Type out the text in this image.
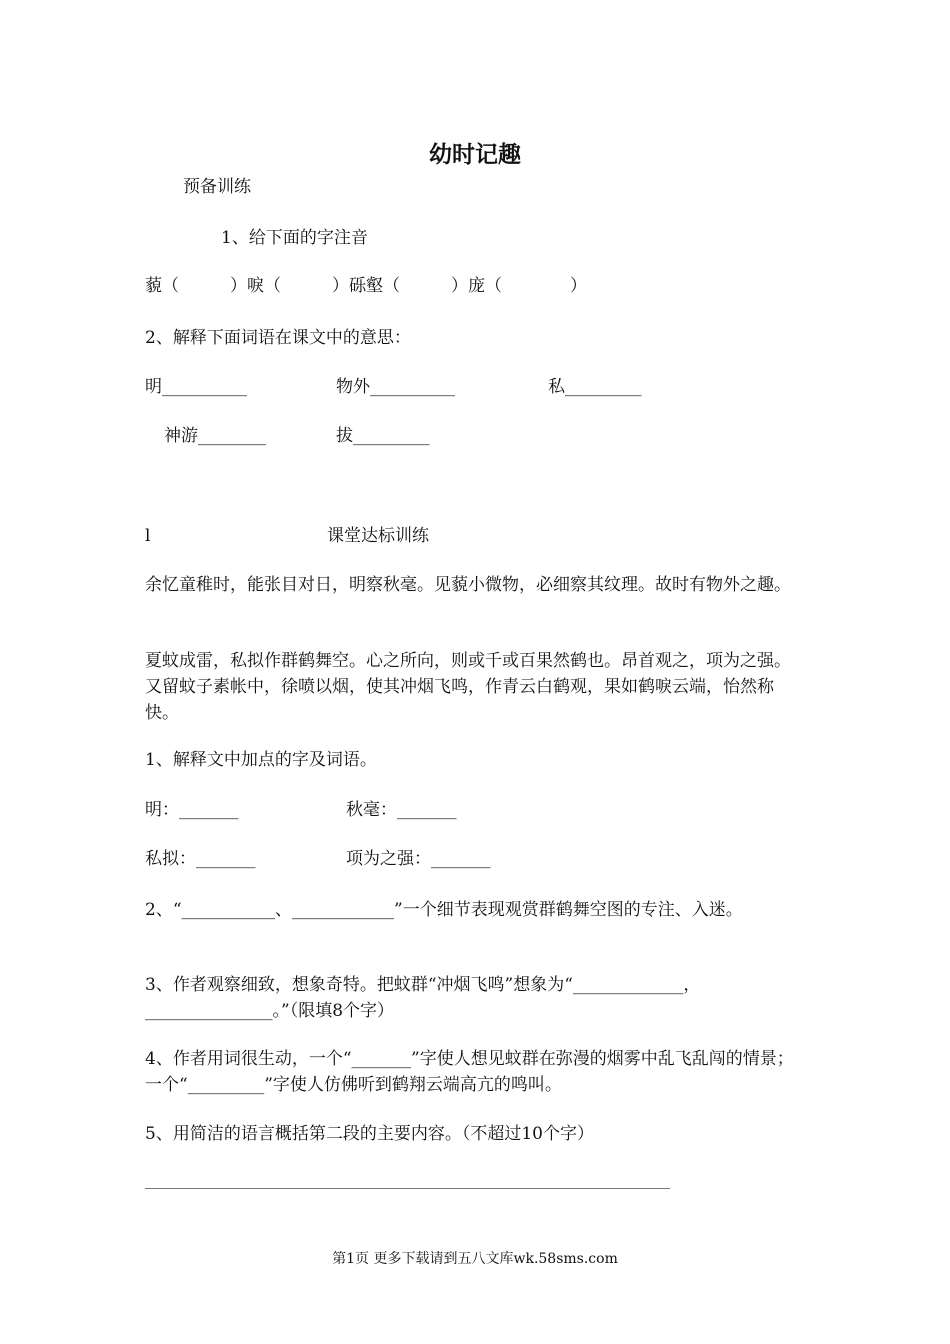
幼时记趣
预备训练
1、给下面的字注音
藐（　　　）唳（　　　）砾壑（　　　）庞（　　　　）
2、解释下面词语在课文中的意思：
明__________	物外__________	私_________
神游________	拔_________
l	课堂达标训练
余忆童稚时，能张目对日，明察秋毫。见藐小微物，必细察其纹理。故时有物外之趣。
夏蚊成雷，私拟作群鹤舞空。心之所向，则或千或百果然鹤也。昂首观之，项为之强。又留蚊子素帐中，徐喷以烟，使其冲烟飞鸣，作青云白鹤观，果如鹤唳云端，怡然称快。
1、解释文中加点的字及词语。
明：_______	秋毫：_______
私拟：_______	项为之强：_______
2、“___________、____________”一个细节表现观赏群鹤舞空图的专注、入迷。
3、作者观察细致，想象奇特。把蚊群“冲烟飞鸣”想象为“_____________，_______________。”（限填8个字）
4、作者用词很生动，一个“_______”字使人想见蚊群在弥漫的烟雾中乱飞乱闯的情景；一个“_________”字使人仿佛听到鹤翔云端高亢的鸣叫。
5、用简洁的语言概括第二段的主要内容。（不超过10个字）
第1页 更多下载请到五八文库wk.58sms.com
